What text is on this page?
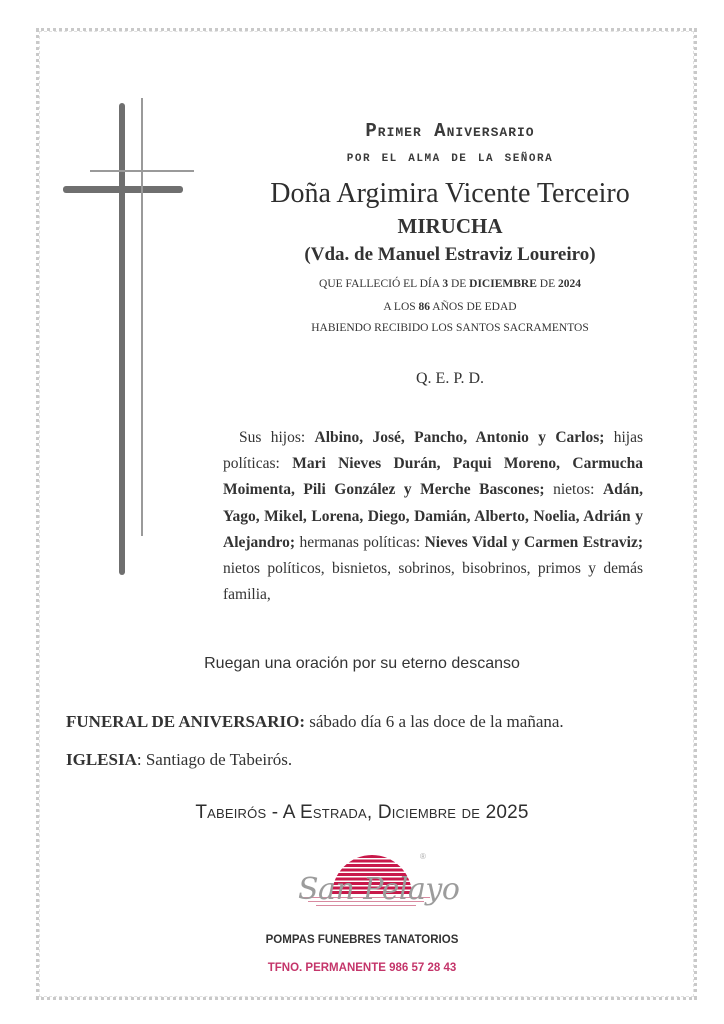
Primer Aniversario
por el alma de la señora
Doña Argimira Vicente Terceiro
MIRUCHA
(Vda. de Manuel Estraviz Loureiro)
QUE FALLECIÓ EL DÍA 3 DE DICIEMBRE DE 2024
A LOS 86 AÑOS DE EDAD
HABIENDO RECIBIDO LOS SANTOS SACRAMENTOS
Q. E. P. D.
Sus hijos: Albino, José, Pancho, Antonio y Carlos; hijas políticas: Mari Nieves Durán, Paqui Moreno, Carmucha Moimenta, Pili González y Merche Bascones; nietos: Adán, Yago, Mikel, Lorena, Diego, Damián, Alberto, Noelia, Adrián y Alejandro; hermanas políticas: Nieves Vidal y Carmen Estraviz; nietos políticos, bisnietos, sobrinos, bisobrinos, primos y demás familia,
Ruegan una oración por su eterno descanso
FUNERAL DE ANIVERSARIO: sábado día 6 a las doce de la mañana.
IGLESIA: Santiago de Tabeirós.
Tabeirós - A Estrada, Diciembre de 2025
San Pelayo
®
POMPAS FUNEBRES TANATORIOS
TFNO. PERMANENTE 986 57 28 43
